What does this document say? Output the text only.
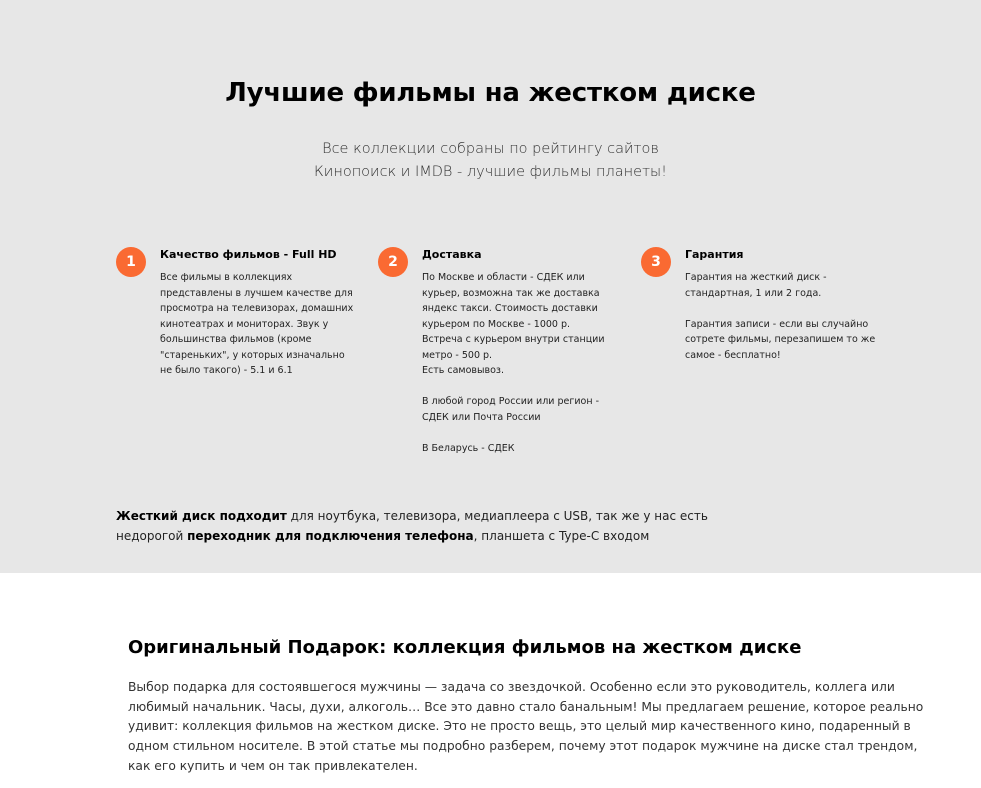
Лучшие фильмы на жестком диске
Все коллекции собраны по рейтингу сайтов
Кинопоиск и IMDB - лучшие фильмы планеты!
1	Качество фильмов - Full HD

Все фильмы в коллекциях

представлены в лучшем качестве для

просмотра на телевизорах, домашних

кинотеатрах и мониторах. Звук у

большинства фильмов (кроме

"старeньких", у которых изначально

не было такого) - 5.1 и 6.1

2	Доставка

По Москве и области - СДЕК или

курьер, возможна так же доставка

яндекс такси. Стоимость доставки

курьером по Москве - 1000 р.

Встреча с курьером внутри станции

метро - 500 р.

Есть самовывоз.

В любой город России или регион -

СДЕК или Почта России

В Беларусь - СДЕК

3	Гарантия

Гарантия на жесткий диск -

стандартная, 1 или 2 года.

Гарантия записи - если вы случайно

сотрете фильмы, перезапишем то же

самое - бесплатно!

Жесткий диск подходит для ноутбука, телевизора, медиаплеера с USB, так же у нас есть

недорогой переходник для подключения телефона, планшета с Type-C входом

Оригинальный Подарок: коллекция фильмов на жестком диске

Выбор подарка для состоявшегося мужчины — задача со звездочкой. Особенно если это руководитель, коллега или

любимый начальник. Часы, духи, алкоголь… Все это давно стало банальным! Мы предлагаем решение, которое реально

удивит: коллекция фильмов на жестком диске. Это не просто вещь, это целый мир качественного кино, подаренный в

одном стильном носителе. В этой статье мы подробно разберем, почему этот подарок мужчине на диске стал трендом,

как его купить и чем он так привлекателен.
